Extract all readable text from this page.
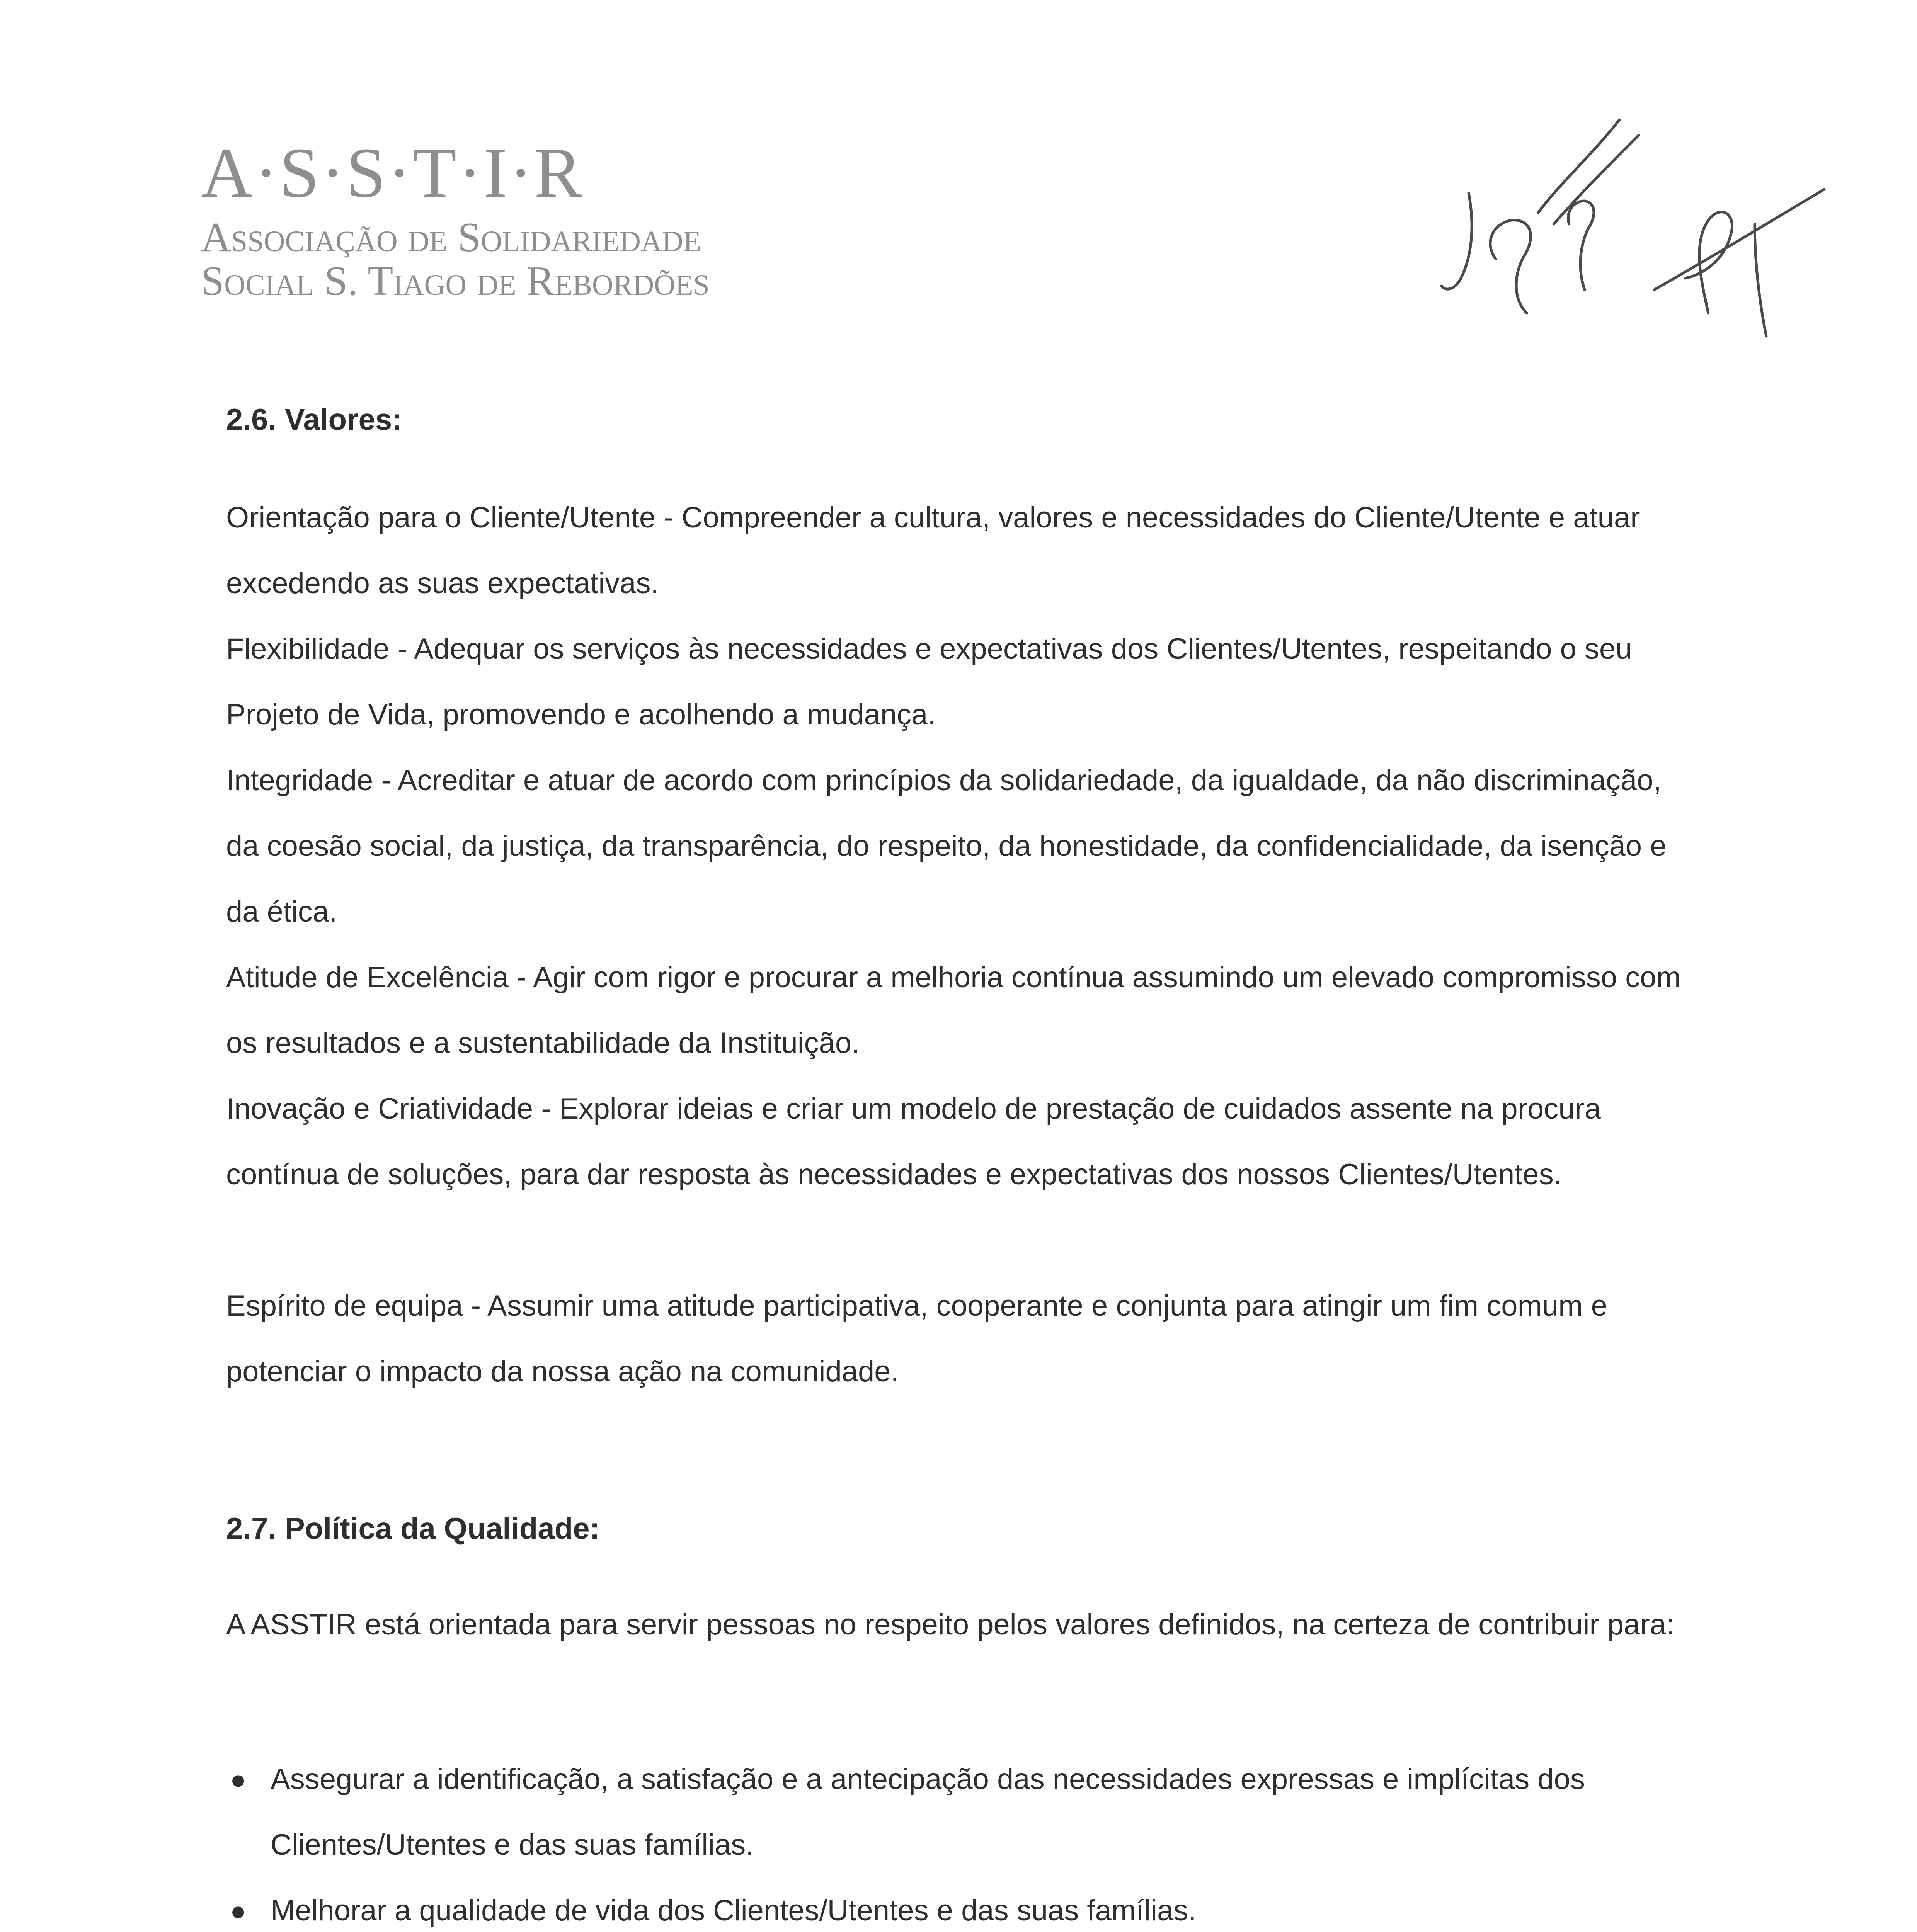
A·S·S·T·I·R
Associação de Solidariedade
Social S. Tiago de Rebordões
2.6. Valores:
Orientação para o Cliente/Utente - Compreender a cultura, valores e necessidades do Cliente/Utente e atuar excedendo as suas expectativas.
Flexibilidade - Adequar os serviços às necessidades e expectativas dos Clientes/Utentes, respeitando o seu Projeto de Vida, promovendo e acolhendo a mudança.
Integridade - Acreditar e atuar de acordo com princípios da solidariedade, da igualdade, da não discriminação, da coesão social, da justiça, da transparência, do respeito, da honestidade, da confidencialidade, da isenção e da ética.
Atitude de Excelência - Agir com rigor e procurar a melhoria contínua assumindo um elevado compromisso com os resultados e a sustentabilidade da Instituição.
Inovação e Criatividade - Explorar ideias e criar um modelo de prestação de cuidados assente na procura contínua de soluções, para dar resposta às necessidades e expectativas dos nossos Clientes/Utentes.
Espírito de equipa - Assumir uma atitude participativa, cooperante e conjunta para atingir um fim comum e potenciar o impacto da nossa ação na comunidade.
2.7. Política da Qualidade:
A ASSTIR está orientada para servir pessoas no respeito pelos valores definidos, na certeza de contribuir para:
● Assegurar a identificação, a satisfação e a antecipação das necessidades expressas e implícitas dos Clientes/Utentes e das suas famílias.
● Melhorar a qualidade de vida dos Clientes/Utentes e das suas famílias.
